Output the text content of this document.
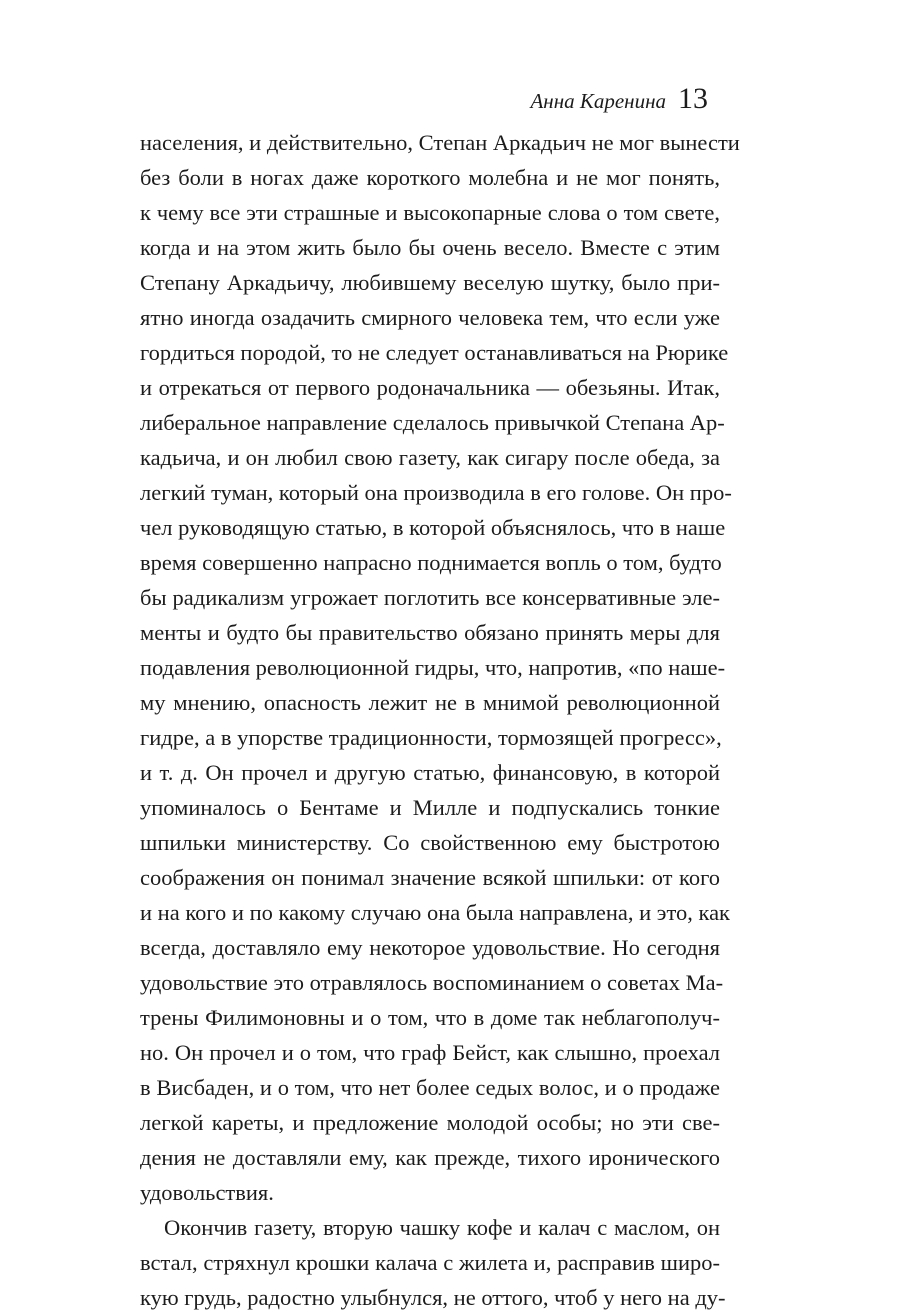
Анна Каренина 13
населения, и действительно, Степан Аркадьич не мог вынести
без боли в ногах даже короткого молебна и не мог понять,
к чему все эти страшные и высокопарные слова о том свете,
когда и на этом жить было бы очень весело. Вместе с этим
Степану Аркадьичу, любившему веселую шутку, было при-
ятно иногда озадачить смирного человека тем, что если уже
гордиться породой, то не следует останавливаться на Рюрике
и отрекаться от первого родоначальника — обезьяны. Итак,
либеральное направление сделалось привычкой Степана Ар-
кадьича, и он любил свою газету, как сигару после обеда, за
легкий туман, который она производила в его голове. Он про-
чел руководящую статью, в которой объяснялось, что в наше
время совершенно напрасно поднимается вопль о том, будто
бы радикализм угрожает поглотить все консервативные эле-
менты и будто бы правительство обязано принять меры для
подавления революционной гидры, что, напротив, «по наше-
му мнению, опасность лежит не в мнимой революционной
гидре, а в упорстве традиционности, тормозящей прогресс»,
и т. д. Он прочел и другую статью, финансовую, в которой
упоминалось о Бентаме и Милле и подпускались тонкие
шпильки министерству. Со свойственною ему быстротою
соображения он понимал значение всякой шпильки: от кого
и на кого и по какому случаю она была направлена, и это, как
всегда, доставляло ему некоторое удовольствие. Но сегодня
удовольствие это отравлялось воспоминанием о советах Ма-
трены Филимоновны и о том, что в доме так неблагополуч-
но. Он прочел и о том, что граф Бейст, как слышно, проехал
в Висбаден, и о том, что нет более седых волос, и о продаже
легкой кареты, и предложение молодой особы; но эти све-
дения не доставляли ему, как прежде, тихого иронического
удовольствия.
Окончив газету, вторую чашку кофе и калач с маслом, он
встал, стряхнул крошки калача с жилета и, расправив широ-
кую грудь, радостно улыбнулся, не оттого, чтоб у него на ду-
